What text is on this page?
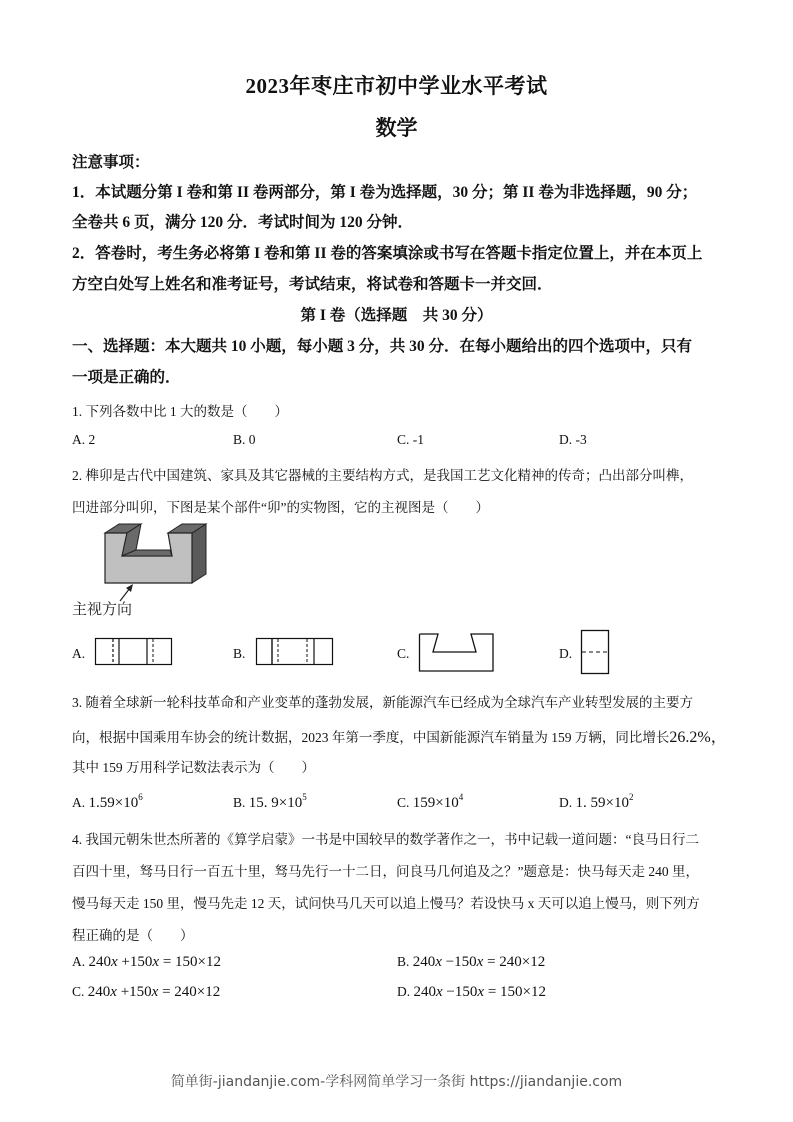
2023年枣庄市初中学业水平考试
数学
注意事项：
1．本试题分第 I 卷和第 II 卷两部分，第 I 卷为选择题，30 分；第 II 卷为非选择题，90 分；
全卷共 6 页，满分 120 分．考试时间为 120 分钟．
2．答卷时，考生务必将第 I 卷和第 II 卷的答案填涂或书写在答题卡指定位置上，并在本页上
方空白处写上姓名和准考证号，考试结束，将试卷和答题卡一并交回．
第 I 卷（选择题　共 30 分）
一、选择题：本大题共 10 小题，每小题 3 分，共 30 分．在每小题给出的四个选项中，只有
一项是正确的．
1. 下列各数中比 1 大的数是（　　）
A. 2	B. 0	C. -1	D. -3
2. 榫卯是古代中国建筑、家具及其它器械的主要结构方式，是我国工艺文化精神的传奇；凸出部分叫榫，
凹进部分叫卯，下图是某个部件“卯”的实物图，它的主视图是（　　）
主视方向
A.	B.	C.	D.
3. 随着全球新一轮科技革命和产业变革的蓬勃发展，新能源汽车已经成为全球汽车产业转型发展的主要方
向，根据中国乘用车协会的统计数据，2023 年第一季度，中国新能源汽车销量为 159 万辆，同比增长26.2%，
其中 159 万用科学记数法表示为（　　）
A. $1.59\times 10^6$	B. 15. $9\times 10^5$	C. $159\times 10^4$	D. 1. $59\times 10^2$
4. 我国元朝朱世杰所著的《算学启蒙》一书是中国较早的数学著作之一，书中记载一道问题：“良马日行二
百四十里，驽马日行一百五十里，驽马先行一十二日，问良马几何追及之？”题意是：快马每天走 240 里，
慢马每天走 150 里，慢马先走 12 天，试问快马几天可以追上慢马？若设快马 x 天可以追上慢马，则下列方
程正确的是（　　）
A. 240x +150x = 150×12	B. 240x −150x = 240×12
C. 240x +150x = 240×12	D. 240x −150x = 150×12
简单街-jiandanjie.com-学科网简单学习一条街 https://jiandanjie.com
